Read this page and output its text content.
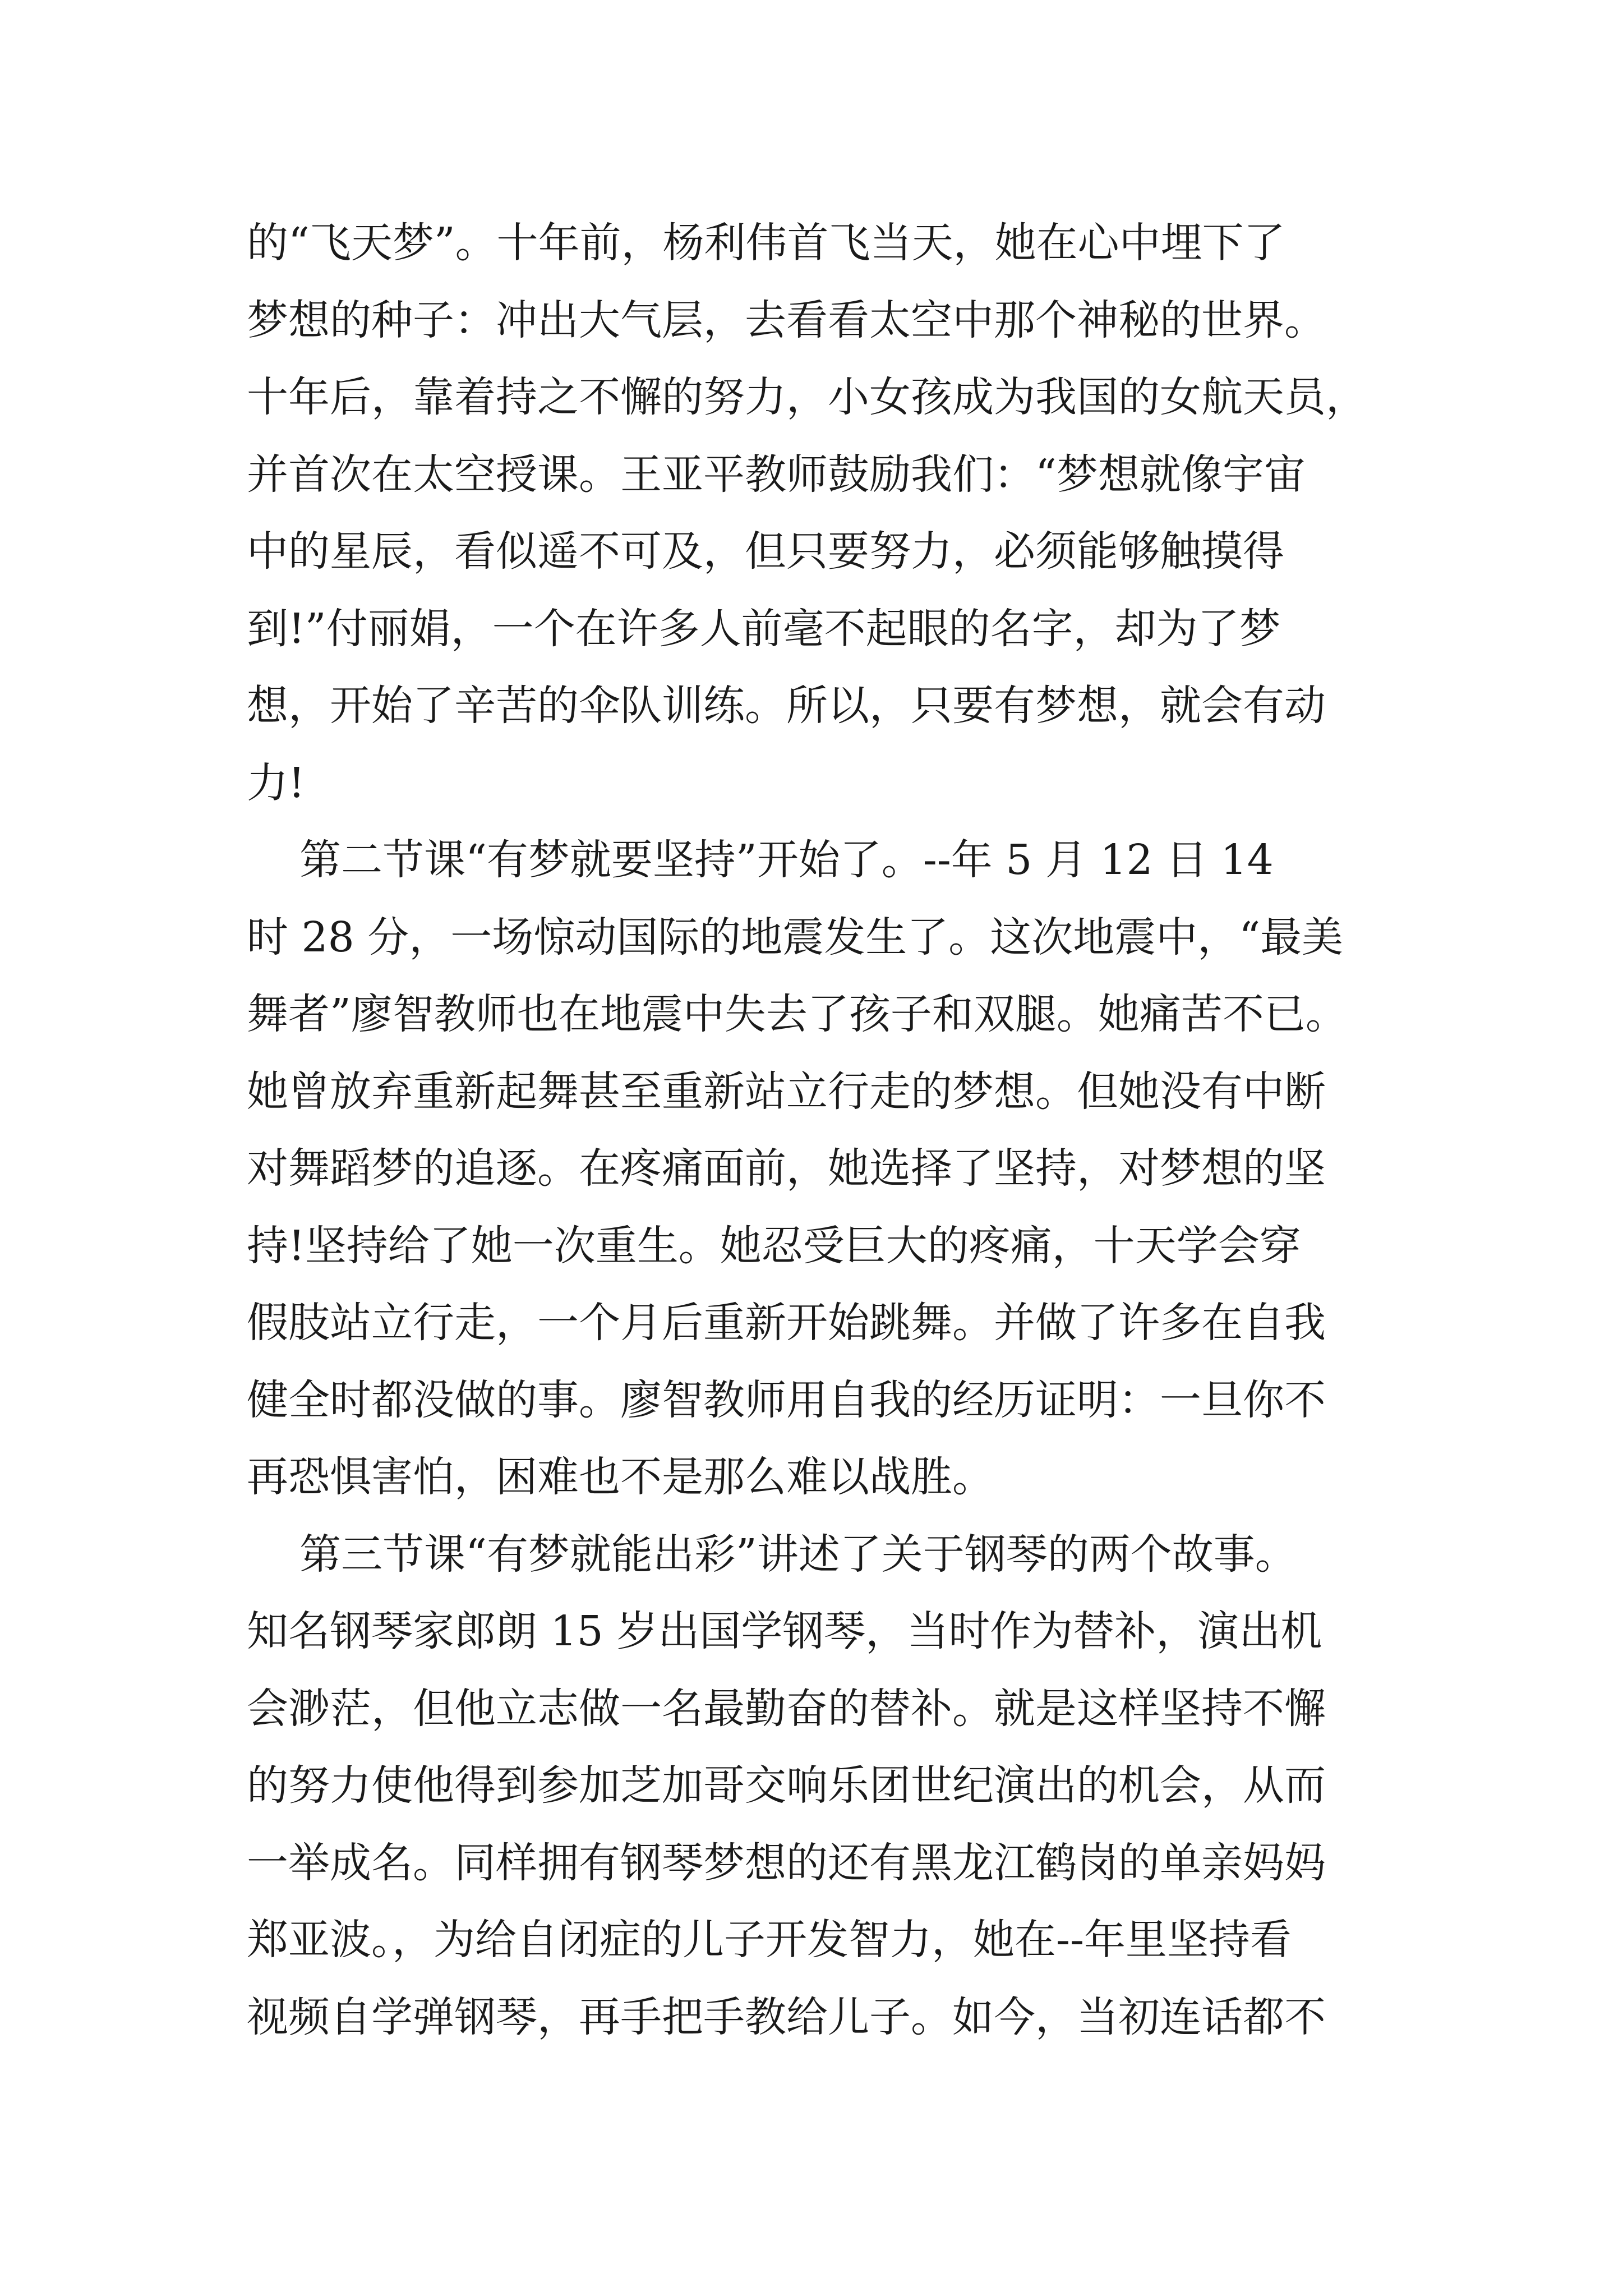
的“飞天梦”。十年前，杨利伟首飞当天，她在心中埋下了
梦想的种子：冲出大气层，去看看太空中那个神秘的世界。
十年后，靠着持之不懈的努力，小女孩成为我国的女航天员，
并首次在太空授课。王亚平教师鼓励我们：“梦想就像宇宙
中的星辰，看似遥不可及，但只要努力，必须能够触摸得
到!”付丽娟，一个在许多人前毫不起眼的名字，却为了梦
想，开始了辛苦的伞队训练。所以，只要有梦想，就会有动
力!
第二节课“有梦就要坚持”开始了。--年 5 月 12 日 14
时 28 分，一场惊动国际的地震发生了。这次地震中，“最美
舞者”廖智教师也在地震中失去了孩子和双腿。她痛苦不已。
她曾放弃重新起舞甚至重新站立行走的梦想。但她没有中断
对舞蹈梦的追逐。在疼痛面前，她选择了坚持，对梦想的坚
持!坚持给了她一次重生。她忍受巨大的疼痛，十天学会穿
假肢站立行走，一个月后重新开始跳舞。并做了许多在自我
健全时都没做的事。廖智教师用自我的经历证明：一旦你不
再恐惧害怕，困难也不是那么难以战胜。
第三节课“有梦就能出彩”讲述了关于钢琴的两个故事。
知名钢琴家郎朗 15 岁出国学钢琴，当时作为替补，演出机
会渺茫，但他立志做一名最勤奋的替补。就是这样坚持不懈
的努力使他得到参加芝加哥交响乐团世纪演出的机会，从而
一举成名。同样拥有钢琴梦想的还有黑龙江鹤岗的单亲妈妈
郑亚波。，为给自闭症的儿子开发智力，她在--年里坚持看
视频自学弹钢琴，再手把手教给儿子。如今，当初连话都不
